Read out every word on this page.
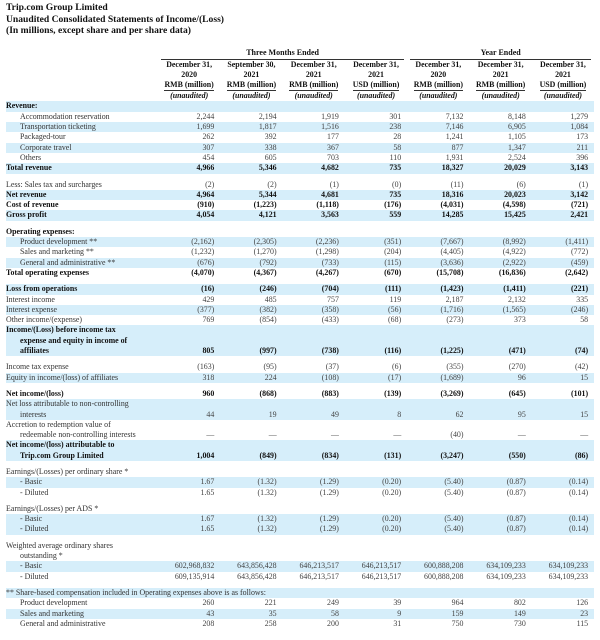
Trip.com Group Limited
Unaudited Consolidated Statements of Income/(Loss)
(In millions, except share and per share data)

	Three Months Ended				Year Ended		

	December 31,	September 30,	December 31,	December 31,	December 31,	December 31,	December 31,
	2020	2021	2021	2021	2020	2021	2021
	RMB (million)	RMB (million)	RMB (million)	USD (million)	RMB (million)	RMB (million)	USD (million)

	(unaudited)	(unaudited)	(unaudited)	(unaudited)	(unaudited)	(unaudited)	(unaudited)

Revenue:							
Accommodation reservation	2,244	2,194	1,919	301	7,132	8,148	1,279
Transportation ticketing	1,699	1,817	1,516	238	7,146	6,905	1,084
Packaged-tour	262	392	177	28	1,241	1,105	173
Corporate travel	307	338	367	58	877	1,347	211
Others	454	605	703	110	1,931	2,524	396
Total revenue	4,966	5,346	4,682	735	18,327	20,029	3,143

Less: Sales tax and surcharges	(2)	(2)	(1)	(0)	(11)	(6)	(1)
Net revenue	4,964	5,344	4,681	735	18,316	20,023	3,142
Cost of revenue	(910)	(1,223)	(1,118)	(176)	(4,031)	(4,598)	(721)
Gross profit	4,054	4,121	3,563	559	14,285	15,425	2,421

Operating expenses:							
Product development **	(2,162)	(2,305)	(2,236)	(351)	(7,667)	(8,992)	(1,411)
Sales and marketing **	(1,232)	(1,270)	(1,298)	(204)	(4,405)	(4,922)	(772)
General and administrative **	(676)	(792)	(733)	(115)	(3,636)	(2,922)	(459)
Total operating expenses	(4,070)	(4,367)	(4,267)	(670)	(15,708)	(16,836)	(2,642)

Loss from operations	(16)	(246)	(704)	(111)	(1,423)	(1,411)	(221)
Interest income	429	485	757	119	2,187	2,132	335
Interest expense	(377)	(382)	(358)	(56)	(1,716)	(1,565)	(246)
Other income/(expense)	769	(854)	(433)	(68)	(273)	373	58
Income/(Loss) before income tax							
expense and equity in income of							
affiliates	805	(997)	(738)	(116)	(1,225)	(471)	(74)

Income tax expense	(163)	(95)	(37)	(6)	(355)	(270)	(42)
Equity in income/(loss) of affiliates	318	224	(108)	(17)	(1,689)	96	15

Net income/(loss)	960	(868)	(883)	(139)	(3,269)	(645)	(101)
Net loss attributable to non-controlling							
interests	44	19	49	8	62	95	15
Accretion to redemption value of							
redeemable non-controlling interests	—	—	—	—	(40)	—	—
Net income/(loss) attributable to							
Trip.com Group Limited	1,004	(849)	(834)	(131)	(3,247)	(550)	(86)

Earnings/(Losses) per ordinary share *							
- Basic	1.67	(1.32)	(1.29)	(0.20)	(5.40)	(0.87)	(0.14)
- Diluted	1.65	(1.32)	(1.29)	(0.20)	(5.40)	(0.87)	(0.14)

Earnings/(Losses) per ADS *							
- Basic	1.67	(1.32)	(1.29)	(0.20)	(5.40)	(0.87)	(0.14)
- Diluted	1.65	(1.32)	(1.29)	(0.20)	(5.40)	(0.87)	(0.14)

Weighted average ordinary shares							
outstanding *							
- Basic	602,968,832	643,856,428	646,213,517	646,213,517	600,888,208	634,109,233	634,109,233
- Diluted	609,135,914	643,856,428	646,213,517	646,213,517	600,888,208	634,109,233	634,109,233

** Share-based compensation included in Operating expenses above is as follows:							
Product development	260	221	249	39	964	802	126
Sales and marketing	43	35	58	9	159	149	23
General and administrative	208	258	200	31	750	730	115
